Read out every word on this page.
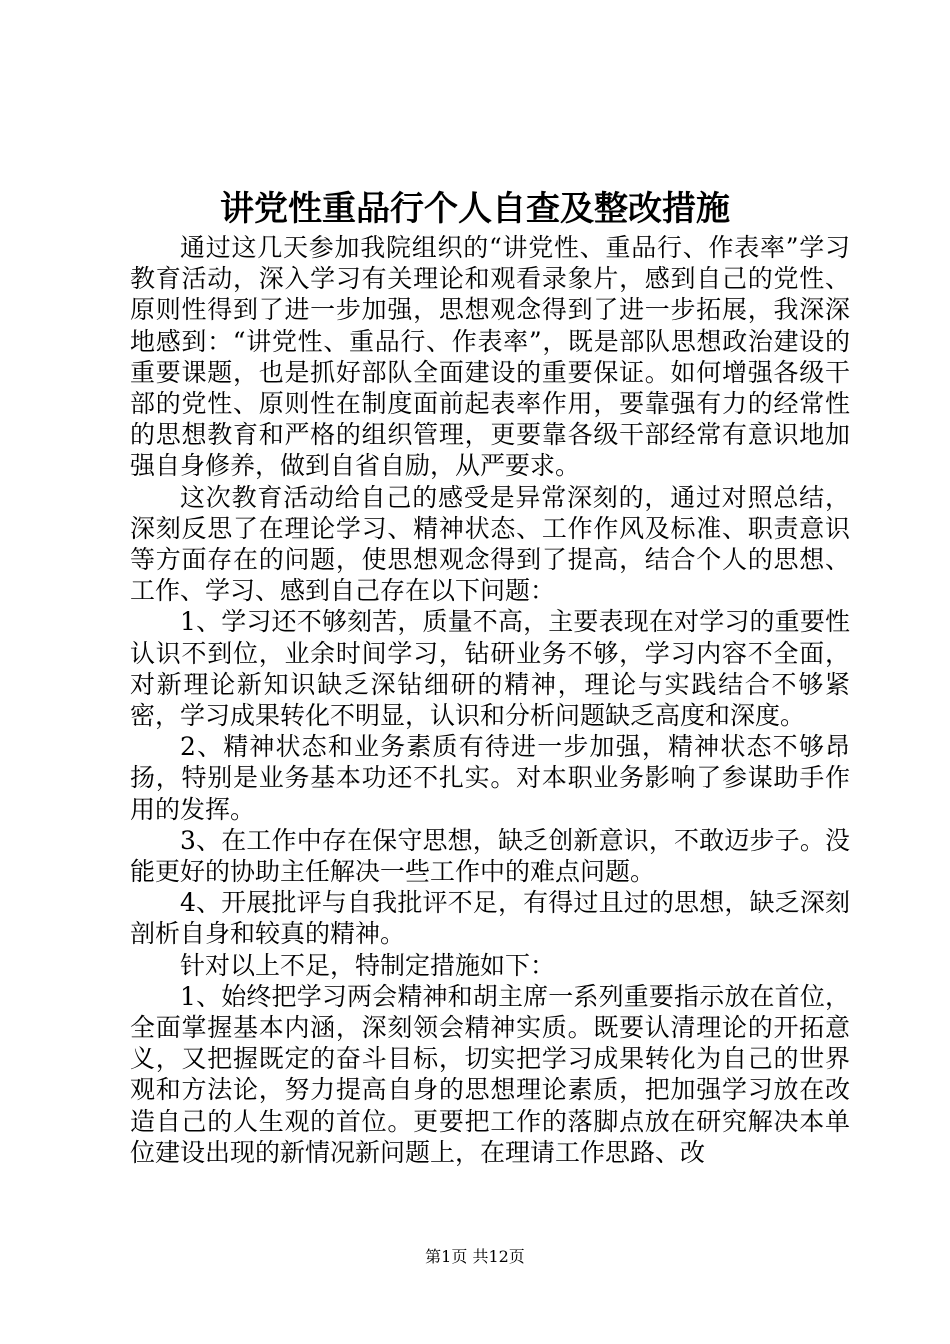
讲党性重品行个人自查及整改措施

通过这几天参加我院组织的“讲党性、重品行、作表率”学习教育活动，深入学习有关理论和观看录象片，感到自己的党性、原则性得到了进一步加强，思想观念得到了进一步拓展，我深深地感到：“讲党性、重品行、作表率”，既是部队思想政治建设的重要课题，也是抓好部队全面建设的重要保证。如何增强各级干部的党性、原则性在制度面前起表率作用，要靠强有力的经常性的思想教育和严格的组织管理，更要靠各级干部经常有意识地加强自身修养，做到自省自励，从严要求。

这次教育活动给自己的感受是异常深刻的，通过对照总结，深刻反思了在理论学习、精神状态、工作作风及标准、职责意识等方面存在的问题，使思想观念得到了提高，结合个人的思想、工作、学习、感到自己存在以下问题：

1、学习还不够刻苦，质量不高，主要表现在对学习的重要性认识不到位，业余时间学习，钻研业务不够，学习内容不全面，对新理论新知识缺乏深钻细研的精神，理论与实践结合不够紧密，学习成果转化不明显，认识和分析问题缺乏高度和深度。

2、精神状态和业务素质有待进一步加强，精神状态不够昂扬，特别是业务基本功还不扎实。对本职业务影响了参谋助手作用的发挥。

3、在工作中存在保守思想，缺乏创新意识，不敢迈步子。没能更好的协助主任解决一些工作中的难点问题。

4、开展批评与自我批评不足，有得过且过的思想，缺乏深刻剖析自身和较真的精神。

针对以上不足，特制定措施如下：

1、始终把学习两会精神和胡主席一系列重要指示放在首位，全面掌握基本内涵，深刻领会精神实质。既要认清理论的开拓意义，又把握既定的奋斗目标，切实把学习成果转化为自己的世界观和方法论，努力提高自身的思想理论素质，把加强学习放在改造自己的人生观的首位。更要把工作的落脚点放在研究解决本单位建设出现的新情况新问题上，在理请工作思路、改

第1页 共12页
